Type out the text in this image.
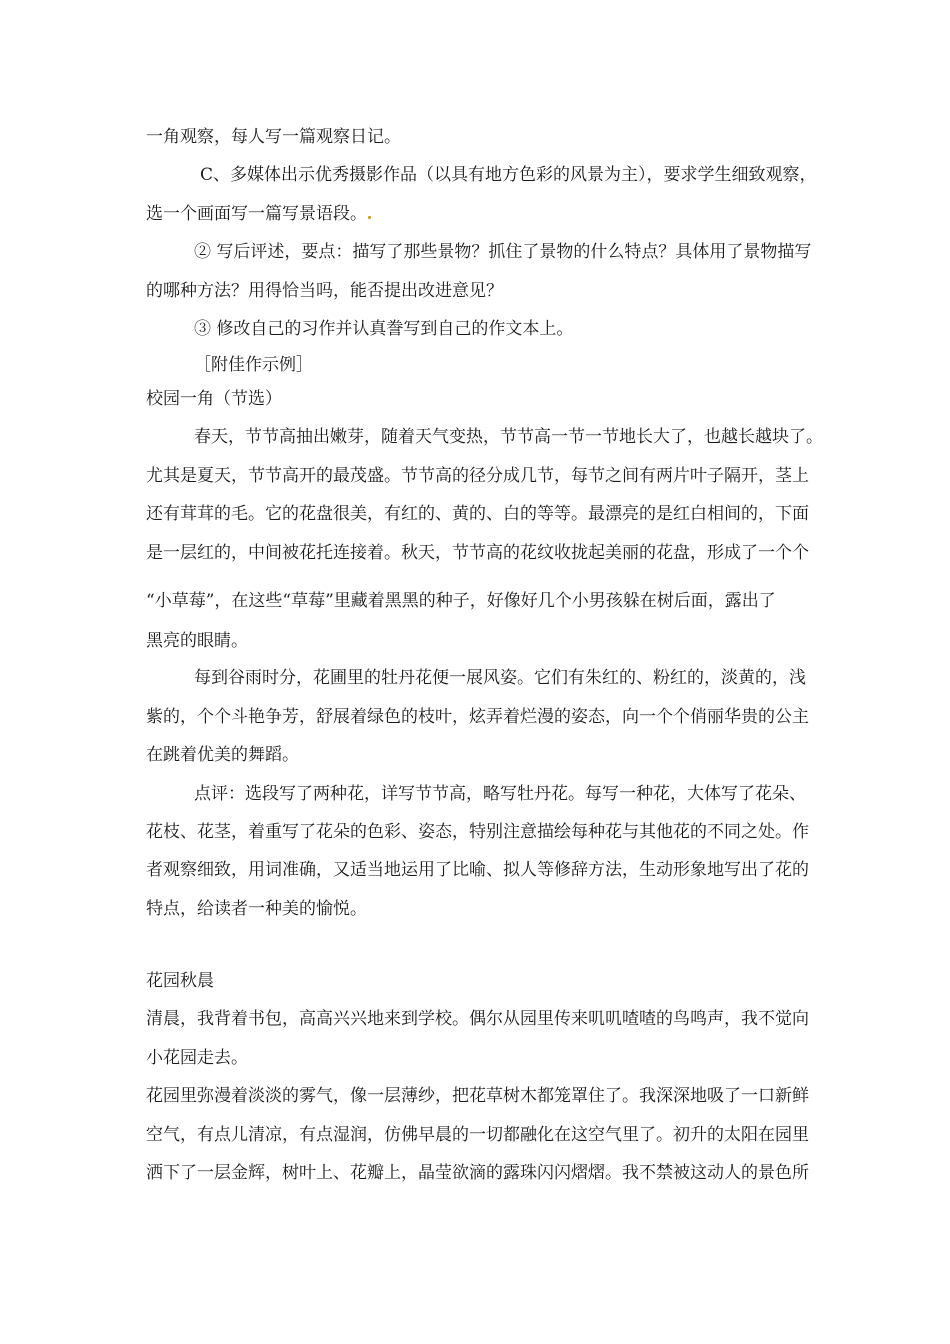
一角观察，每人写一篇观察日记。
C、多媒体出示优秀摄影作品（以具有地方色彩的风景为主），要求学生细致观察，
选一个画面写一篇写景语段。
② 写后评述，要点：描写了那些景物？抓住了景物的什么特点？具体用了景物描写
的哪种方法？用得恰当吗，能否提出改进意见？
③ 修改自己的习作并认真誊写到自己的作文本上。
［附佳作示例］
校园一角（节选）
春天，节节高抽出嫩芽，随着天气变热，节节高一节一节地长大了，也越长越块了。
尤其是夏天，节节高开的最茂盛。节节高的径分成几节，每节之间有两片叶子隔开，茎上
还有茸茸的毛。它的花盘很美，有红的、黄的、白的等等。最漂亮的是红白相间的，下面
是一层红的，中间被花托连接着。秋天，节节高的花纹收拢起美丽的花盘，形成了一个个
“小草莓”，在这些“草莓”里藏着黑黑的种子，好像好几个小男孩躲在树后面，露出了
黑亮的眼睛。
每到谷雨时分，花圃里的牡丹花便一展风姿。它们有朱红的、粉红的，淡黄的，浅
紫的，个个斗艳争芳，舒展着绿色的枝叶，炫弄着烂漫的姿态，向一个个俏丽华贵的公主
在跳着优美的舞蹈。
点评：选段写了两种花，详写节节高，略写牡丹花。每写一种花，大体写了花朵、
花枝、花茎，着重写了花朵的色彩、姿态，特别注意描绘每种花与其他花的不同之处。作
者观察细致，用词准确，又适当地运用了比喻、拟人等修辞方法，生动形象地写出了花的
特点，给读者一种美的愉悦。
花园秋晨
清晨，我背着书包，高高兴兴地来到学校。偶尔从园里传来叽叽喳喳的鸟鸣声，我不觉向
小花园走去。
花园里弥漫着淡淡的雾气，像一层薄纱，把花草树木都笼罩住了。我深深地吸了一口新鲜
空气，有点儿清凉，有点湿润，仿佛早晨的一切都融化在这空气里了。初升的太阳在园里
洒下了一层金辉，树叶上、花瓣上，晶莹欲滴的露珠闪闪熠熠。我不禁被这动人的景色所
